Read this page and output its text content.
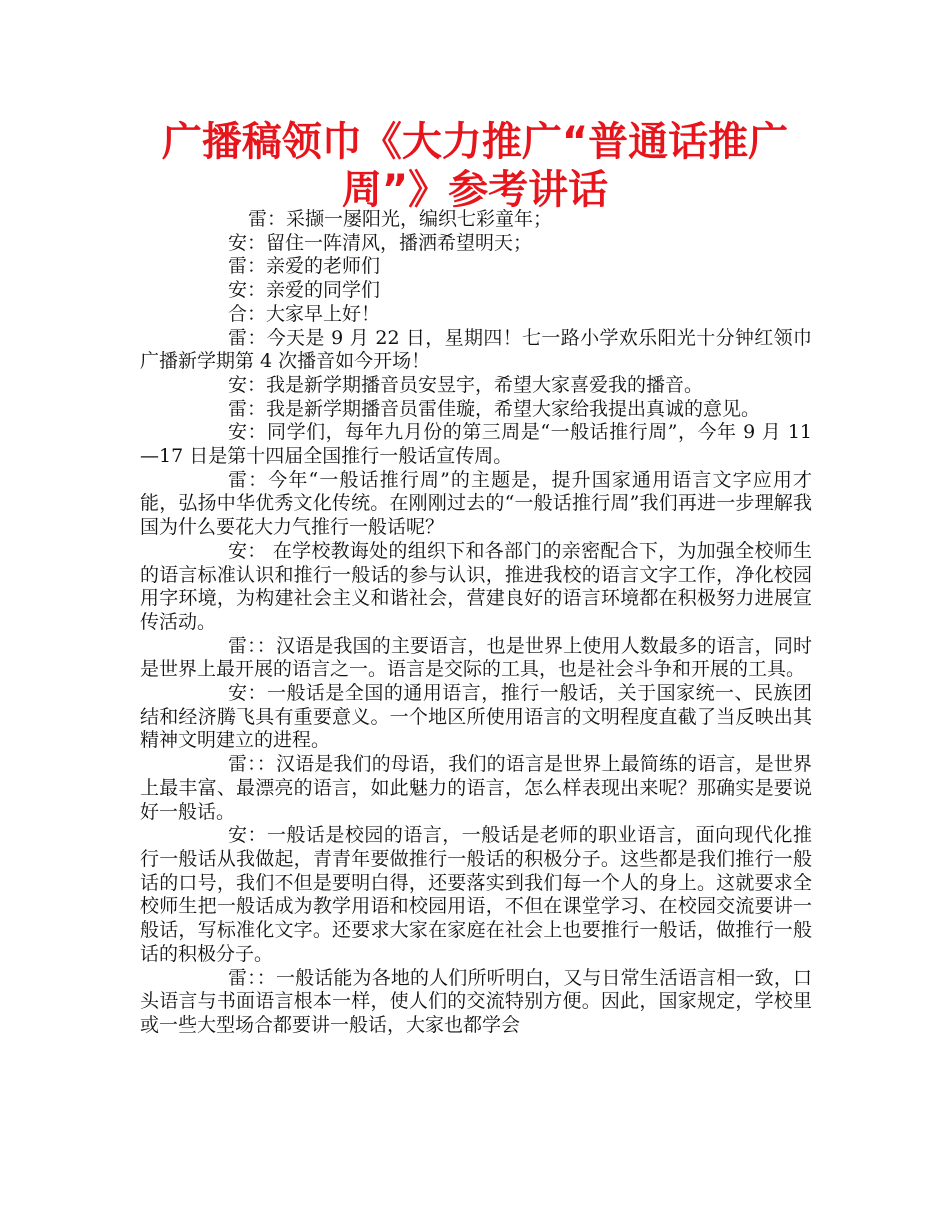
广播稿领巾《大力推广“普通话推广
周”》参考讲话

雷：采撷一屡阳光，编织七彩童年；

安：留住一阵清风，播洒希望明天；

雷：亲爱的老师们

安：亲爱的同学们

合：大家早上好！

雷：今天是 9 月 22 日，星期四！七一路小学欢乐阳光十分钟红领巾广播新学期第 4 次播音如今开场！

安：我是新学期播音员安昱宇，希望大家喜爱我的播音。

雷：我是新学期播音员雷佳璇，希望大家给我提出真诚的意见。

安：同学们，每年九月份的第三周是“一般话推行周”，今年 9 月 11—17 日是第十四届全国推行一般话宣传周。

雷：今年“一般话推行周”的主题是，提升国家通用语言文字应用才能，弘扬中华优秀文化传统。在刚刚过去的“一般话推行周”我们再进一步理解我国为什么要花大力气推行一般话呢？

安： 在学校教诲处的组织下和各部门的亲密配合下，为加强全校师生的语言标准认识和推行一般话的参与认识，推进我校的语言文字工作，净化校园用字环境，为构建社会主义和谐社会，营建良好的语言环境都在积极努力进展宣传活动。

雷：：汉语是我国的主要语言，也是世界上使用人数最多的语言，同时是世界上最开展的语言之一。语言是交际的工具，也是社会斗争和开展的工具。

安：一般话是全国的通用语言，推行一般话，关于国家统一、民族团结和经济腾飞具有重要意义。一个地区所使用语言的文明程度直截了当反映出其精神文明建立的进程。

雷：：汉语是我们的母语，我们的语言是世界上最简练的语言，是世界上最丰富、最漂亮的语言，如此魅力的语言，怎么样表现出来呢？那确实是要说好一般话。

安：一般话是校园的语言，一般话是老师的职业语言，面向现代化推行一般话从我做起，青青年要做推行一般话的积极分子。这些都是我们推行一般话的口号，我们不但是要明白得，还要落实到我们每一个人的身上。这就要求全校师生把一般话成为教学用语和校园用语，不但在课堂学习、在校园交流要讲一般话，写标准化文字。还要求大家在家庭在社会上也要推行一般话，做推行一般话的积极分子。

雷：：一般话能为各地的人们所听明白，又与日常生活语言相一致，口头语言与书面语言根本一样，使人们的交流特别方便。因此，国家规定，学校里或一些大型场合都要讲一般话，大家也都学会
